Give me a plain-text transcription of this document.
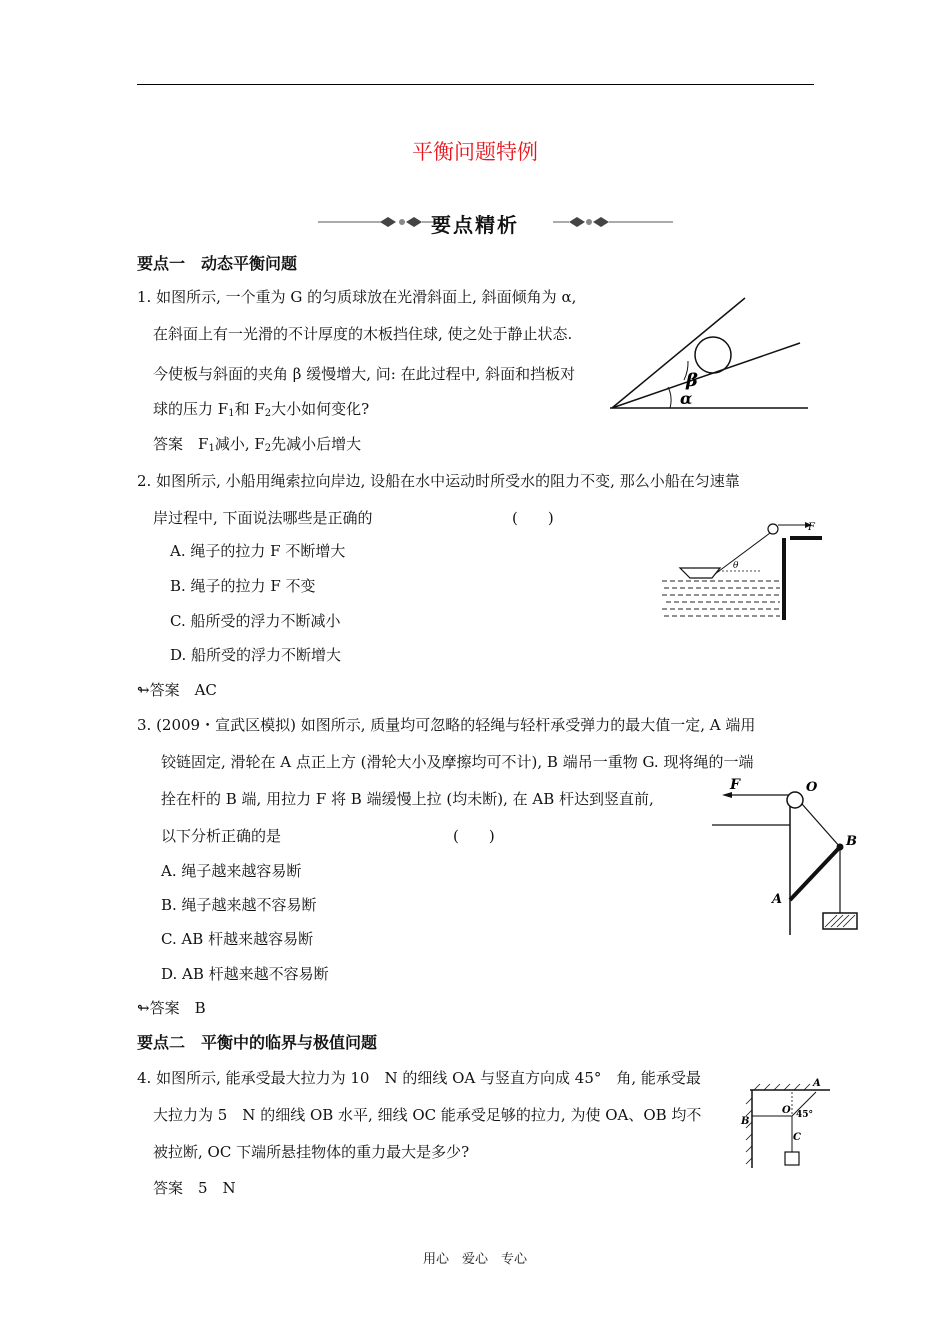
平衡问题特例
要点精析
要点一　动态平衡问题
1. 如图所示, 一个重为 G 的匀质球放在光滑斜面上, 斜面倾角为 α,
在斜面上有一光滑的不计厚度的木板挡住球, 使之处于静止状态.
今使板与斜面的夹角 β 缓慢增大, 问: 在此过程中, 斜面和挡板对
球的压力 $F_1$和 $F_2$大小如何变化?
答案　 $F_1$减小, $F_2$先减小后增大
α
β
2. 如图所示, 小船用绳索拉向岸边, 设船在水中运动时所受水的阻力不变, 那么小船在匀速靠
岸过程中, 下面说法哪些是正确的	(　　)
A. 绳子的拉力 F 不断增大
B. 绳子的拉力 F 不变
C. 船所受的浮力不断减小
D. 船所受的浮力不断增大
↬答案　AC
F
θ
3. (2009・宣武区模拟) 如图所示, 质量均可忽略的轻绳与轻杆承受弹力的最大值一定, A 端用
铰链固定, 滑轮在 A 点正上方 (滑轮大小及摩擦均可不计), B 端吊一重物 G. 现将绳的一端
拴在杆的 B 端, 用拉力 F 将 B 端缓慢上拉 (均未断), 在 AB 杆达到竖直前,
以下分析正确的是	(　　)
A. 绳子越来越容易断
B. 绳子越来越不容易断
C. AB 杆越来越容易断
D. AB 杆越来越不容易断
↬答案　B
F	O
B
A
要点二　平衡中的临界与极值问题
4. 如图所示, 能承受最大拉力为 10　N 的细线 OA 与竖直方向成 45°　角, 能承受最
大拉力为 5　N 的细线 OB 水平, 细线 OC 能承受足够的拉力, 为使 OA、OB 均不
被拉断, OC 下端所悬挂物体的重力最大是多少?
答案　5　N
A
B
O 45°
C
用心　爱心　专心
